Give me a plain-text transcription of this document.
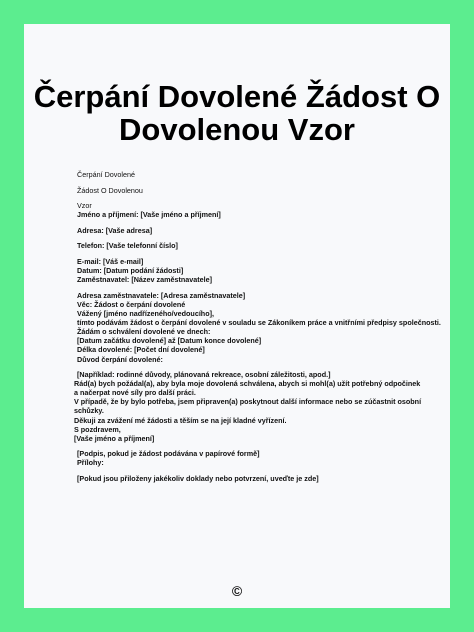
Čerpání Dovolené Žádost O Dovolenou Vzor
Čerpání Dovolené
Žádost O Dovolenou
Vzor
Jméno a příjmení: [Vaše jméno a příjmení]
Adresa: [Vaše adresa]
Telefon: [Vaše telefonní číslo]
E-mail: [Váš e-mail]
Datum: [Datum podání žádosti]
Zaměstnavatel: [Název zaměstnavatele]
Adresa zaměstnavatele: [Adresa zaměstnavatele]
Věc: Žádost o čerpání dovolené
Vážený [jméno nadřízeného/vedoucího],
tímto podávám žádost o čerpání dovolené v souladu se Zákoníkem práce a vnitřními předpisy společnosti.
Žádám o schválení dovolené ve dnech:
[Datum začátku dovolené] až [Datum konce dovolené]
Délka dovolené: [Počet dní dovolené]
Důvod čerpání dovolené:
[Například: rodinné důvody, plánovaná rekreace, osobní záležitosti, apod.]
Rád(a) bych požádal(a), aby byla moje dovolená schválena, abych si mohl(a) užít potřebný odpočinek a načerpat nové síly pro další práci.
V případě, že by bylo potřeba, jsem připraven(a) poskytnout další informace nebo se zúčastnit osobní schůzky.
Děkuji za zvážení mé žádosti a těším se na její kladné vyřízení.
S pozdravem,
[Vaše jméno a příjmení]
[Podpis, pokud je žádost podávána v papírové formě]
Přílohy:
[Pokud jsou přiloženy jakékoliv doklady nebo potvrzení, uveďte je zde]
©
